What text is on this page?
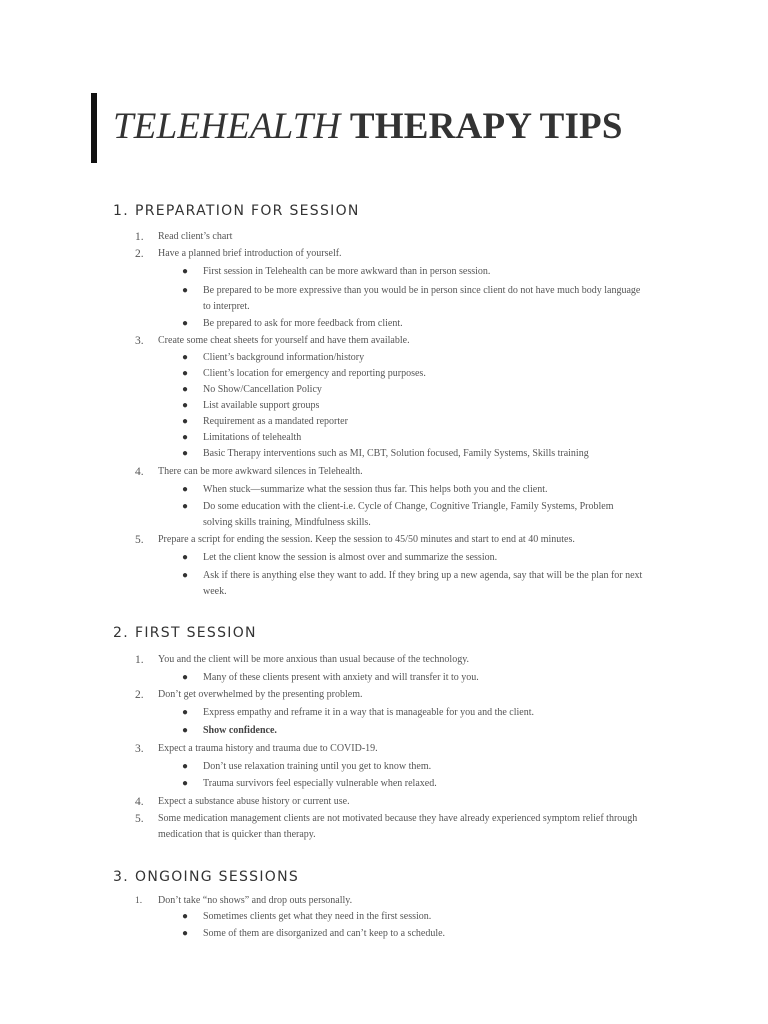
TELEHEALTH THERAPY TIPS
1. PREPARATION FOR SESSION
1. Read client’s chart
2. Have a planned brief introduction of yourself.
● First session in Telehealth can be more awkward than in person session.
● Be prepared to be more expressive than you would be in person since client do not have much body language to interpret.
● Be prepared to ask for more feedback from client.
3. Create some cheat sheets for yourself and have them available.
● Client’s background information/history
● Client’s location for emergency and reporting purposes.
● No Show/Cancellation Policy
● List available support groups
● Requirement as a mandated reporter
● Limitations of telehealth
● Basic Therapy interventions such as MI, CBT, Solution focused, Family Systems, Skills training
4. There can be more awkward silences in Telehealth.
● When stuck—summarize what the session thus far. This helps both you and the client.
● Do some education with the client-i.e. Cycle of Change, Cognitive Triangle, Family Systems, Problem solving skills training, Mindfulness skills.
5. Prepare a script for ending the session. Keep the session to 45/50 minutes and start to end at 40 minutes.
● Let the client know the session is almost over and summarize the session.
● Ask if there is anything else they want to add. If they bring up a new agenda, say that will be the plan for next week.
2. FIRST SESSION
1. You and the client will be more anxious than usual because of the technology.
● Many of these clients present with anxiety and will transfer it to you.
2. Don’t get overwhelmed by the presenting problem.
● Express empathy and reframe it in a way that is manageable for you and the client.
● Show confidence.
3. Expect a trauma history and trauma due to COVID-19.
● Don’t use relaxation training until you get to know them.
● Trauma survivors feel especially vulnerable when relaxed.
4. Expect a substance abuse history or current use.
5. Some medication management clients are not motivated because they have already experienced symptom relief through medication that is quicker than therapy.
3. ONGOING SESSIONS
1. Don’t take “no shows” and drop outs personally.
● Sometimes clients get what they need in the first session.
● Some of them are disorganized and can’t keep to a schedule.
